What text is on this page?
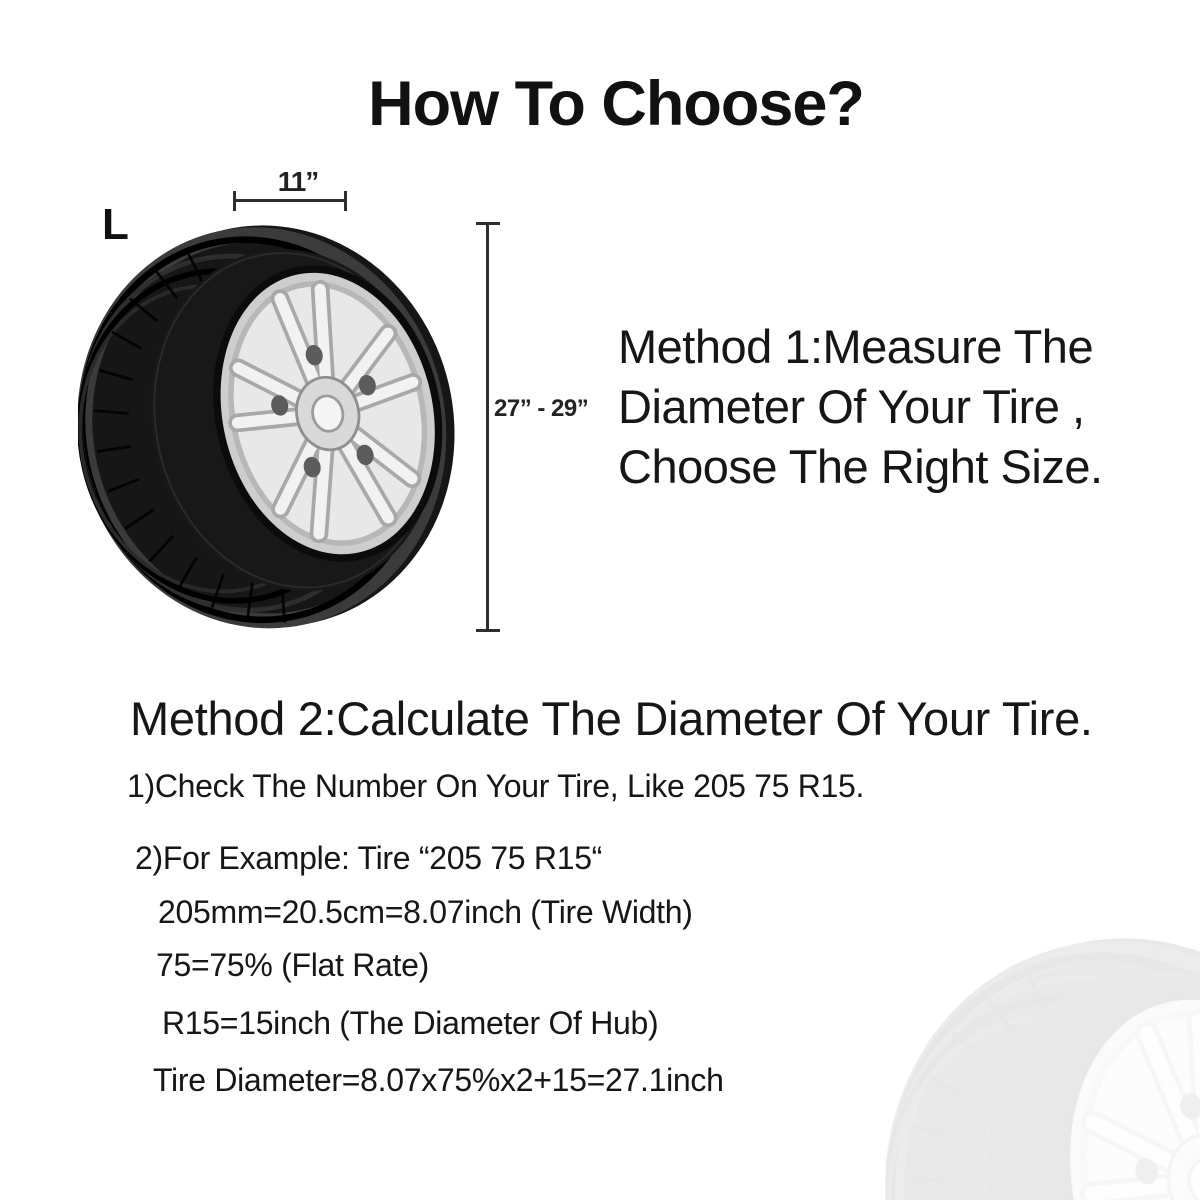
How To Choose?
L
11”
27” - 29”
Method 1:Measure The
Diameter Of Your Tire ,
Choose The Right Size.
Method 2:Calculate The Diameter Of Your Tire.

1)Check The Number On Your Tire, Like 205 75 R15.

2)For Example: Tire “205 75 R15“

205mm=20.5cm=8.07inch (Tire Width)

75=75% (Flat Rate)

R15=15inch (The Diameter Of Hub)

Tire Diameter=8.07x75%x2+15=27.1inch
